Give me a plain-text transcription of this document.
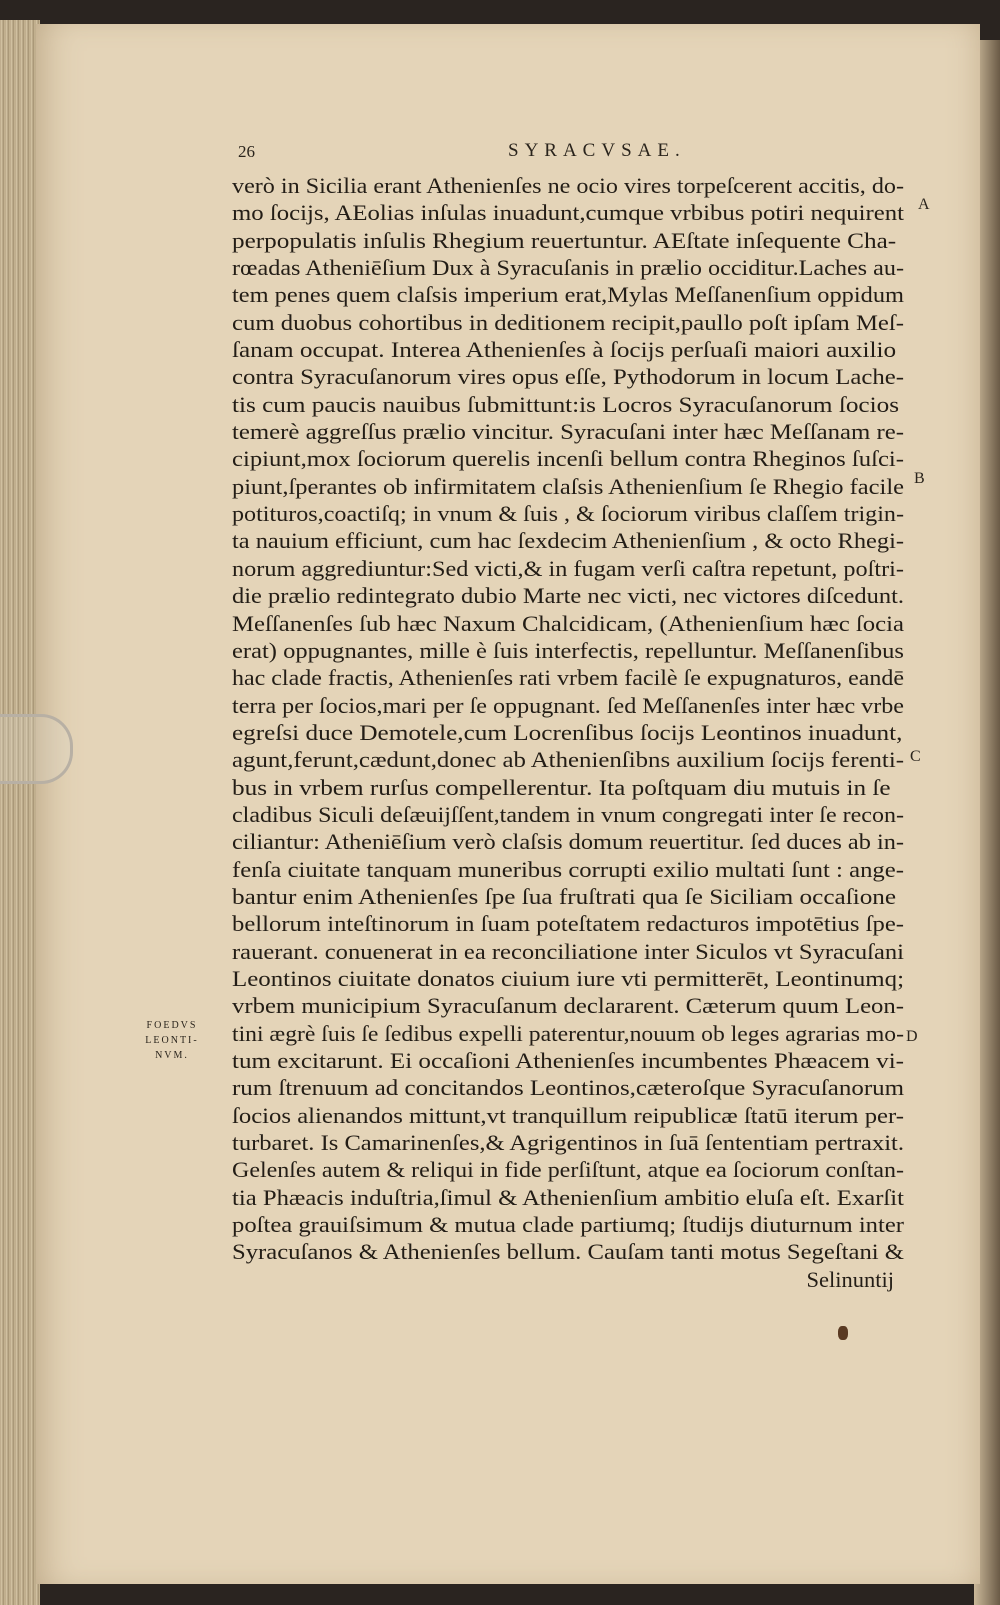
26	SYRACVSAE.
verò in Sicilia erant Athenienſes ne ocio vires torpeſcerent accitis, do-
mo ſocijs, AEolias inſulas inuadunt,cumque vrbibus potiri nequirent
perpopulatis inſulis Rhegium reuertuntur. AEſtate inſequente Cha-
rœadas Atheniēſium Dux à Syracuſanis in prælio occiditur.Laches au-
tem penes quem claſsis imperium erat,Mylas Meſſanenſium oppidum
cum duobus cohortibus in deditionem recipit,paullo poſt ipſam Meſ-
ſanam occupat. Interea Athenienſes à ſocijs perſuaſi maiori auxilio
contra Syracuſanorum vires opus eſſe, Pythodorum in locum Lache-
tis cum paucis nauibus ſubmittunt:is Locros Syracuſanorum ſocios
temerè aggreſſus prælio vincitur. Syracuſani inter hæc Meſſanam re-
cipiunt,mox ſociorum querelis incenſi bellum contra Rheginos ſuſci-
piunt,ſperantes ob infirmitatem claſsis Athenienſium ſe Rhegio facile
potituros,coactiſq; in vnum & ſuis , & ſociorum viribus claſſem trigin-
ta nauium efficiunt, cum hac ſexdecim Athenienſium , & octo Rhegi-
norum aggrediuntur:Sed victi,& in fugam verſi caſtra repetunt, poſtri-
die prælio redintegrato dubio Marte nec victi, nec victores diſcedunt.
Meſſanenſes ſub hæc Naxum Chalcidicam, (Athenienſium hæc ſocia
erat) oppugnantes, mille è ſuis interfectis, repelluntur. Meſſanenſibus
hac clade fractis, Athenienſes rati vrbem facilè ſe expugnaturos, eandē
terra per ſocios,mari per ſe oppugnant. ſed Meſſanenſes inter hæc vrbe
egreſsi duce Demotele,cum Locrenſibus ſocijs Leontinos inuadunt,
agunt,ferunt,cædunt,donec ab Athenienſibns auxilium ſocijs ferenti-
bus in vrbem rurſus compellerentur. Ita poſtquam diu mutuis in ſe
cladibus Siculi deſæuijſſent,tandem in vnum congregati inter ſe recon-
ciliantur: Atheniēſium verò claſsis domum reuertitur. ſed duces ab in-
fenſa ciuitate tanquam muneribus corrupti exilio multati ſunt : ange-
bantur enim Athenienſes ſpe ſua fruſtrati qua ſe Siciliam occaſione
bellorum inteſtinorum in ſuam poteſtatem redacturos impotētius ſpe-
rauerant. conuenerat in ea reconciliatione inter Siculos vt Syracuſani
Leontinos ciuitate donatos ciuium iure vti permitterēt, Leontinumq;
vrbem municipium Syracuſanum declararent. Cæterum quum Leon-
tini ægrè ſuis ſe ſedibus expelli paterentur,nouum ob leges agrarias mo-
tum excitarunt. Ei occaſioni Athenienſes incumbentes Phæacem vi-
rum ſtrenuum ad concitandos Leontinos,cæteroſque Syracuſanorum
ſocios alienandos mittunt,vt tranquillum reipublicæ ſtatū iterum per-
turbaret. Is Camarinenſes,& Agrigentinos in ſuā ſententiam pertraxit.
Gelenſes autem & reliqui in fide perſiſtunt, atque ea ſociorum conſtan-
tia Phæacis induſtria,ſimul & Athenienſium ambitio eluſa eſt. Exarſit
poſtea grauiſsimum & mutua clade partiumq; ſtudijs diuturnum inter
Syracuſanos & Athenienſes bellum. Cauſam tanti motus Segeſtani &
Selinuntij
A
B
C
D
FOEDVS
LEONTI-
NVM.
